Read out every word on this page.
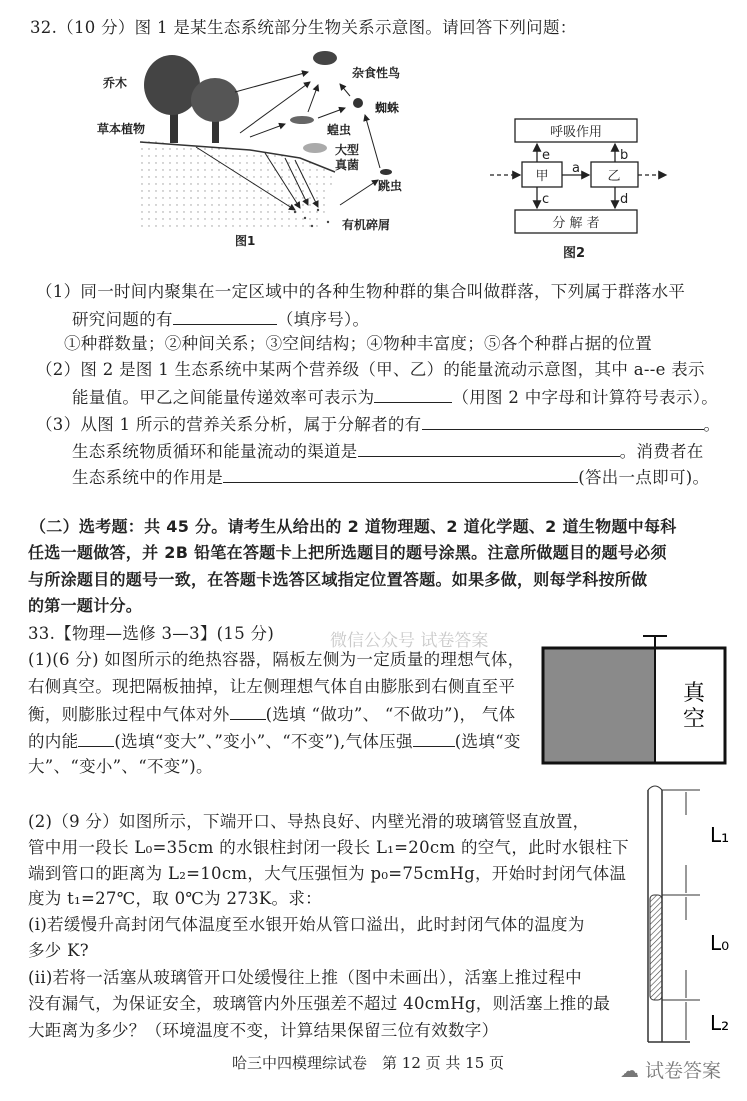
32.（10 分）图 1 是某生态系统部分生物关系示意图。请回答下列问题：
乔木
草本植物
杂食性鸟
蜘蛛
蝗虫
大型
真菌
跳虫
有机碎屑
图1
呼吸作用
甲	乙
分 解 者
a
b
c	d
e
图2
（1）同一时间内聚集在一定区域中的各种生物种群的集合叫做群落，下列属于群落水平
研究问题的有	（填序号）。
①种群数量；②种间关系；③空间结构；④物种丰富度；⑤各个种群占据的位置
（2）图 2 是图 1 生态系统中某两个营养级（甲、乙）的能量流动示意图，其中 a--e 表示
能量值。甲乙之间能量传递效率可表示为	（用图 2 中字母和计算符号表示）。
（3）从图 1 所示的营养关系分析，属于分解者的有	。
生态系统物质循环和能量流动的渠道是	。消费者在
生态系统中的作用是	(答出一点即可)。
（二）选考题：共 45 分。请考生从给出的 2 道物理题、2 道化学题、2 道生物题中每科
任选一题做答，并 2B 铅笔在答题卡上把所选题目的题号涂黑。注意所做题目的题号必须
与所涂题目的题号一致，在答题卡选答区域指定位置答题。如果多做，则每学科按所做
的第一题计分。
33.【物理—选修 3—3】(15 分)
(1)(6 分) 如图所示的绝热容器，隔板左侧为一定质量的理想气体，
右侧真空。现把隔板抽掉，让左侧理想气体自由膨胀到右侧直至平
衡，则膨胀过程中气体对外 (选填 “做功”、 “不做功”)， 气体
的内能 (选填“变大”、”变小”、“不变”),气体压强	(选填“变
大”、“变小”、“不变”)。
真
空
(2)（9 分）如图所示，下端开口、导热良好、内壁光滑的玻璃管竖直放置，
管中用一段长 L₀=35cm 的水银柱封闭一段长 L₁=20cm 的空气，此时水银柱下
端到管口的距离为 L₂=10cm，大气压强恒为 p₀=75cmHg，开始时封闭气体温
度为 t₁=27℃，取 0℃为 273K。求：
(i)若缓慢升高封闭气体温度至水银开始从管口溢出，此时封闭气体的温度为
多少 K?
(ii)若将一活塞从玻璃管开口处缓慢往上推（图中未画出），活塞上推过程中
没有漏气，为保证安全，玻璃管内外压强差不超过 40cmHg，则活塞上推的最
大距离为多少？（环境温度不变，计算结果保留三位有效数字）
L₁
L₀
L₂
微信公众号 试卷答案
哈三中四模理综试卷　第 12 页 共 15 页	☁ 试卷答案
